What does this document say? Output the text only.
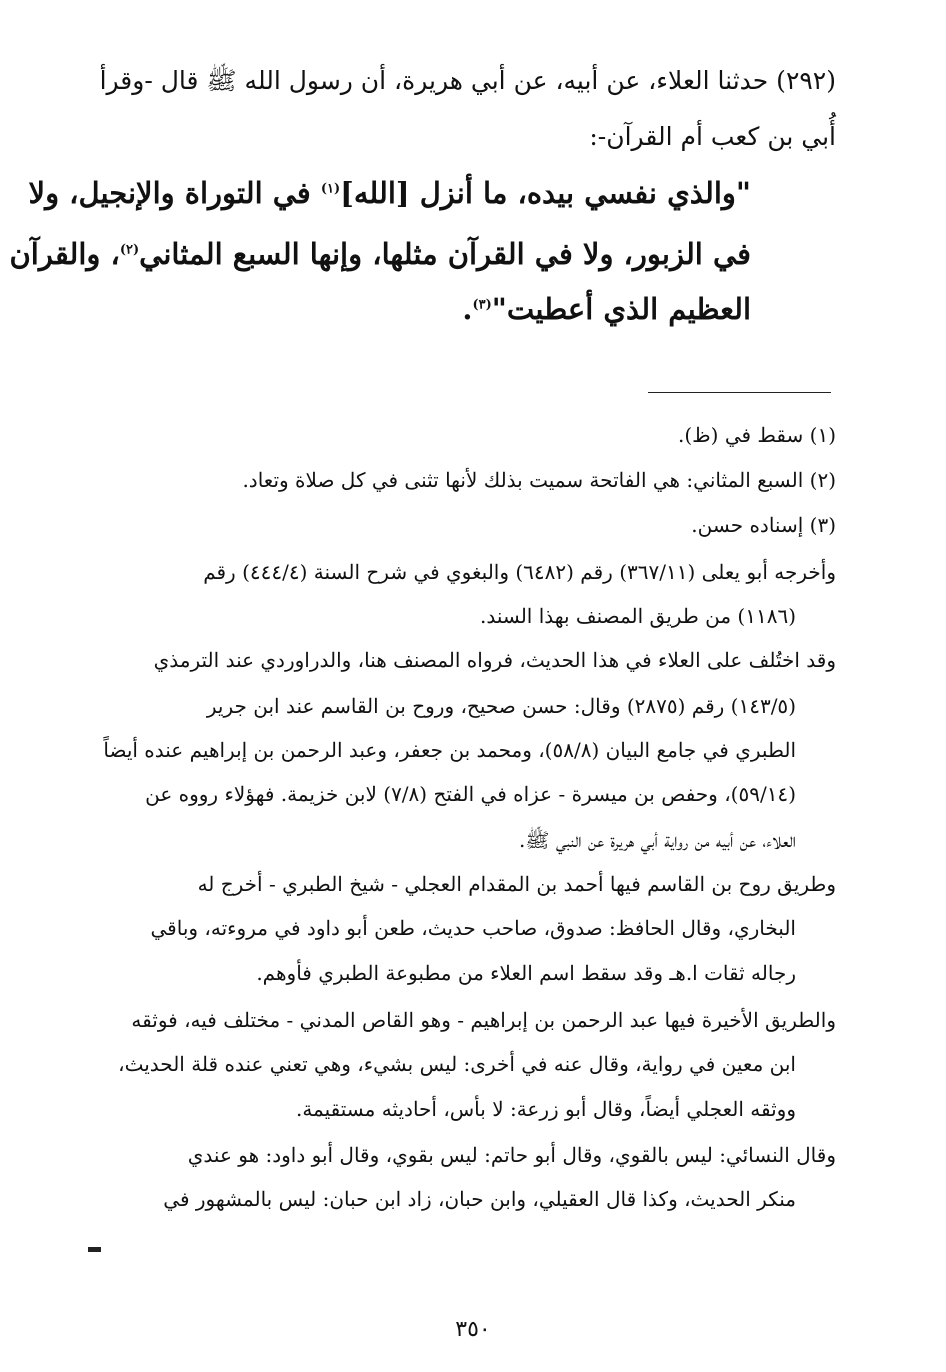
(٢٩٢) حدثنا العلاء، عن أبيه، عن أبي هريرة، أن رسول الله ﷺ قال -وقرأ
أُبي بن كعب أم القرآن-:
"والذي نفسي بيده، ما أنزل [الله]$^{(١)}$ في التوراة والإنجيل، ولا
في الزبور، ولا في القرآن مثلها، وإنها السبع المثاني$^{(٢)}$، والقرآن
العظيم الذي أعطيت"$^{(٣)}$.
(١) سقط في (ظ).
(٢) السبع المثاني: هي الفاتحة سميت بذلك لأنها تثنى في كل صلاة وتعاد.
(٣) إسناده حسن.
وأخرجه أبو يعلى (٣٦٧/١١) رقم (٦٤٨٢) والبغوي في شرح السنة (٤٤٤/٤) رقم
(١١٨٦) من طريق المصنف بهذا السند.
وقد اختُلف على العلاء في هذا الحديث، فرواه المصنف هنا، والدراوردي عند الترمذي
(١٤٣/٥) رقم (٢٨٧٥) وقال: حسن صحيح، وروح بن القاسم عند ابن جرير
الطبري في جامع البيان (٥٨/٨)، ومحمد بن جعفر، وعبد الرحمن بن إبراهيم عنده أيضاً
(٥٩/١٤)، وحفص بن ميسرة - عزاه في الفتح (٧/٨) لابن خزيمة. فهؤلاء رووه عن
العلاء، عن أبيه من رواية أبي هريرة عن النبي ﷺ.
وطريق روح بن القاسم فيها أحمد بن المقدام العجلي - شيخ الطبري - أخرج له
البخاري، وقال الحافظ: صدوق، صاحب حديث، طعن أبو داود في مروءته، وباقي
رجاله ثقات ا.هـ وقد سقط اسم العلاء من مطبوعة الطبري فأوهم.
والطريق الأخيرة فيها عبد الرحمن بن إبراهيم - وهو القاص المدني - مختلف فيه، فوثقه
ابن معين في رواية، وقال عنه في أخرى: ليس بشيء، وهي تعني عنده قلة الحديث،
ووثقه العجلي أيضاً، وقال أبو زرعة: لا بأس، أحاديثه مستقيمة.
وقال النسائي: ليس بالقوي، وقال أبو حاتم: ليس بقوي، وقال أبو داود: هو عندي
منكر الحديث، وكذا قال العقيلي، وابن حبان، زاد ابن حبان: ليس بالمشهور في
٣٥٠
